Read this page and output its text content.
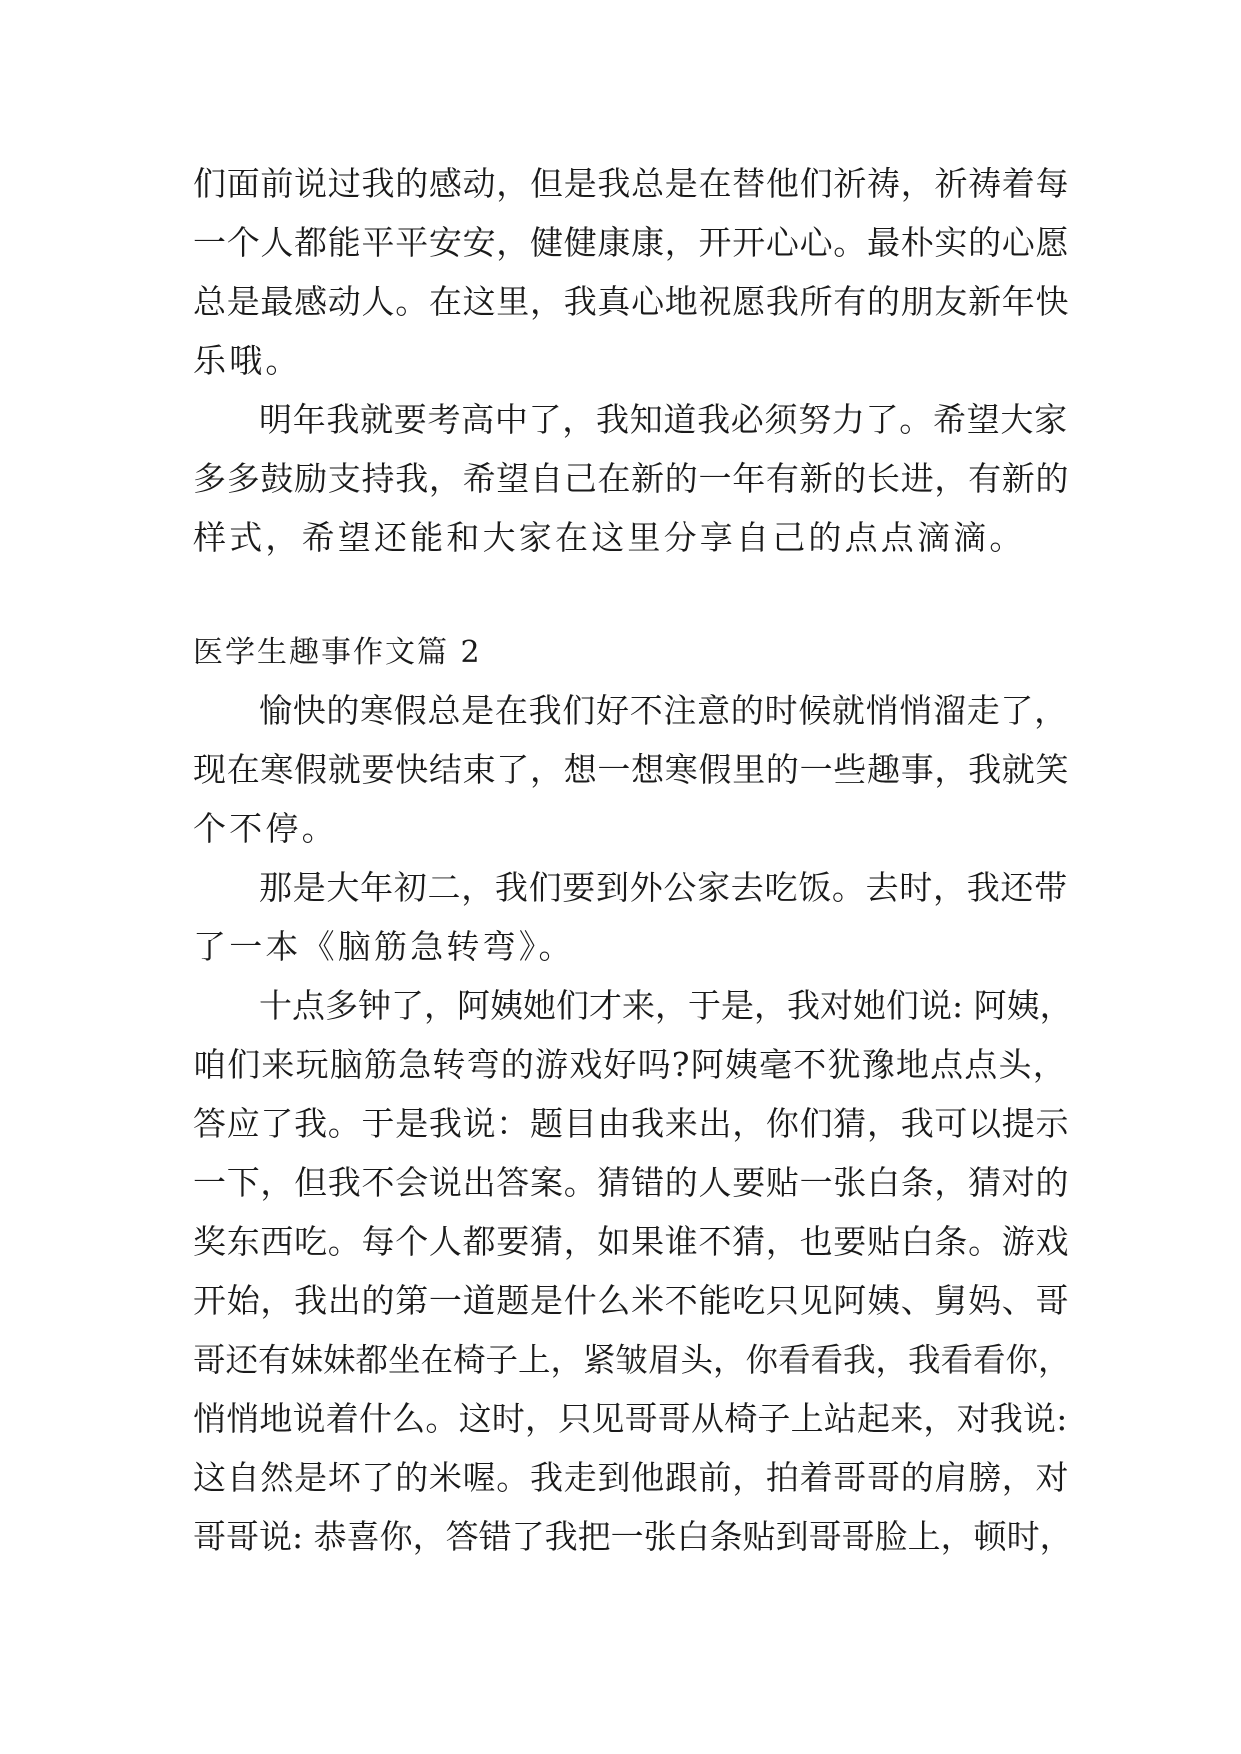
们面前说过我的感动，但是我总是在替他们祈祷，祈祷着每
一个人都能平平安安，健健康康，开开心心。最朴实的心愿
总是最感动人。在这里，我真心地祝愿我所有的朋友新年快
乐哦。
明年我就要考高中了，我知道我必须努力了。希望大家
多多鼓励支持我，希望自己在新的一年有新的长进，有新的
样式，希望还能和大家在这里分享自己的点点滴滴。
医学生趣事作文篇 2
愉快的寒假总是在我们好不注意的时候就悄悄溜走了，
现在寒假就要快结束了，想一想寒假里的一些趣事，我就笑
个不停。
那是大年初二，我们要到外公家去吃饭。去时，我还带
了一本《脑筋急转弯》。
十点多钟了，阿姨她们才来，于是，我对她们说: 阿姨，
咱们来玩脑筋急转弯的游戏好吗?阿姨毫不犹豫地点点头，
答应了我。于是我说：题目由我来出，你们猜，我可以提示
一下，但我不会说出答案。猜错的人要贴一张白条，猜对的
奖东西吃。每个人都要猜，如果谁不猜，也要贴白条。游戏
开始，我出的第一道题是什么米不能吃只见阿姨、舅妈、哥
哥还有妹妹都坐在椅子上，紧皱眉头，你看看我，我看看你，
悄悄地说着什么。这时，只见哥哥从椅子上站起来，对我说:
这自然是坏了的米喔。我走到他跟前，拍着哥哥的肩膀，对
哥哥说: 恭喜你，答错了我把一张白条贴到哥哥脸上，顿时，
